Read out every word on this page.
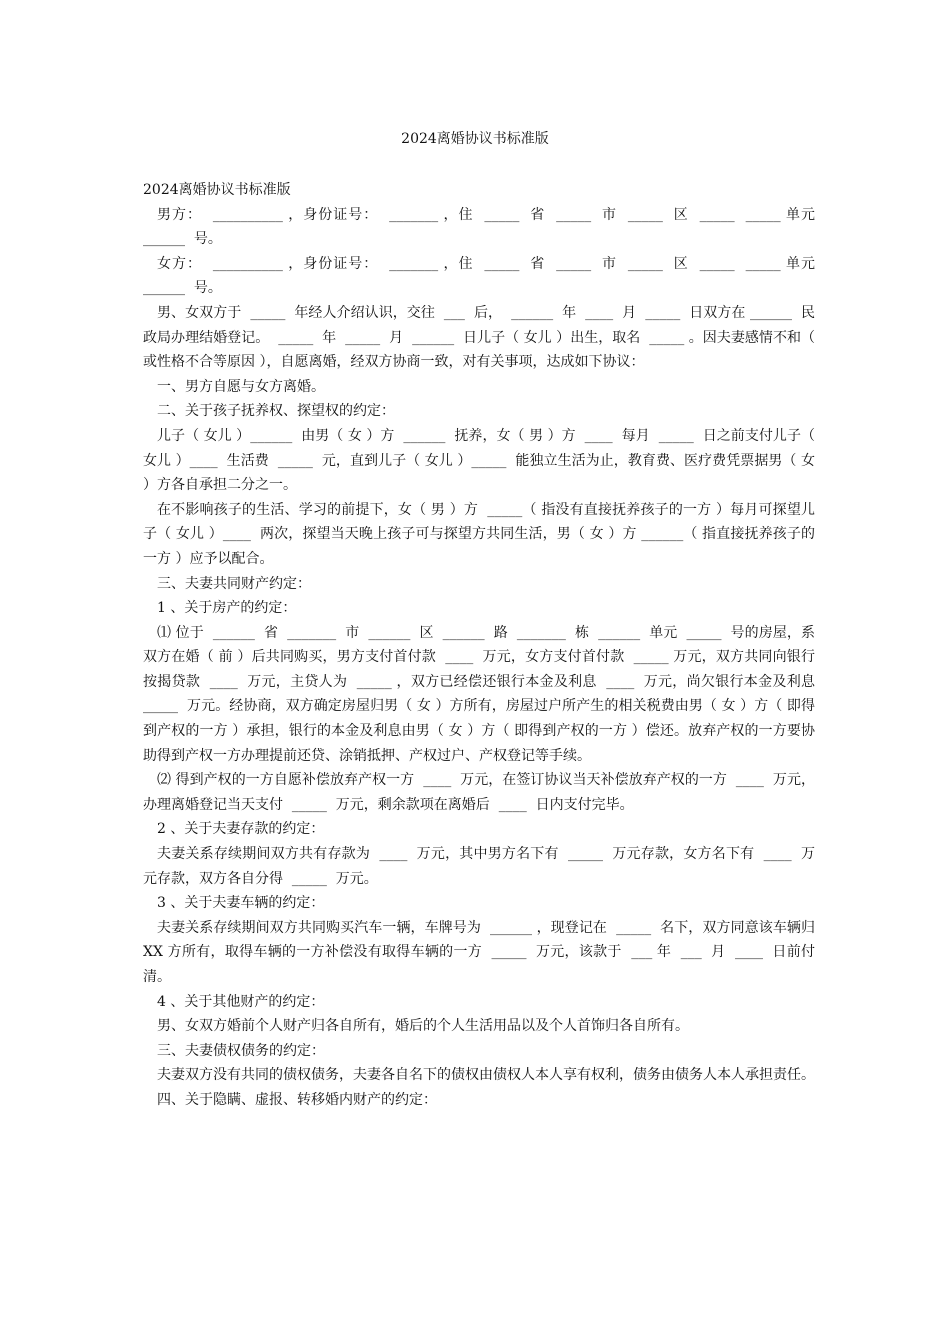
2024离婚协议书标准版

2024离婚协议书标准版

男方：  __________ ，身份证号：  _______ ，住  _____  省  _____  市  _____  区  _____  _____ 单元  ______  号。

女方：  __________ ，身份证号：  _______ ，住  _____  省  _____  市  _____  区  _____  _____ 单元  ______  号。

男、女双方于  _____  年经人介绍认识，交往  ___  后，  ______  年  ____  月  _____  日双方在 ______  民政局办理结婚登记。  _____  年  _____  月  ______  日儿子（ 女儿 ）出生，取名  _____ 。因夫妻感情不和（ 或性格不合等原因 ），自愿离婚，经双方协商一致，对有关事项，达成如下协议：

一、男方自愿与女方离婚。

二、关于孩子抚养权、探望权的约定：

儿子（ 女儿 ）______  由男（ 女 ）方  ______  抚养，女（ 男 ）方  ____  每月  _____  日之前支付儿子（ 女儿 ）____  生活费  _____  元，直到儿子（ 女儿 ）_____  能独立生活为止，教育费、医疗费凭票据男（ 女 ）方各自承担二分之一。

在不影响孩子的生活、学习的前提下，女（ 男 ）方  _____（ 指没有直接抚养孩子的一方 ）每月可探望儿子（ 女儿 ）____  两次，探望当天晚上孩子可与探望方共同生活，男（ 女 ）方 ______（ 指直接抚养孩子的一方 ）应予以配合。

三、夫妻共同财产约定：

1 、关于房产的约定：

⑴ 位于  ______  省  _______  市  ______  区  ______  路  _______  栋  ______  单元  _____  号的房屋，系双方在婚（ 前 ）后共同购买，男方支付首付款  ____  万元，女方支付首付款  _____ 万元，双方共同向银行按揭贷款  ____  万元，主贷人为  _____ ，双方已经偿还银行本金及利息  ____  万元，尚欠银行本金及利息  _____  万元。经协商，双方确定房屋归男（ 女 ）方所有，房屋过户所产生的相关税费由男（ 女 ）方（ 即得到产权的一方 ）承担，银行的本金及利息由男（ 女 ）方（ 即得到产权的一方 ）偿还。放弃产权的一方要协助得到产权一方办理提前还贷、涂销抵押、产权过户、产权登记等手续。

⑵ 得到产权的一方自愿补偿放弃产权一方  ____  万元，在签订协议当天补偿放弃产权的一方  ____  万元，办理离婚登记当天支付  _____  万元，剩余款项在离婚后  ____  日内支付完毕。

2 、关于夫妻存款的约定：

夫妻关系存续期间双方共有存款为  ____  万元，其中男方名下有  _____  万元存款，女方名下有  ____  万元存款，双方各自分得  _____  万元。

3 、关于夫妻车辆的约定：

夫妻关系存续期间双方共同购买汽车一辆，车牌号为  ______ ，现登记在  _____  名下，双方同意该车辆归 XX 方所有，取得车辆的一方补偿没有取得车辆的一方  _____  万元，该款于  ___ 年  ___  月  ____  日前付清。

4 、关于其他财产的约定：

男、女双方婚前个人财产归各自所有，婚后的个人生活用品以及个人首饰归各自所有。

三、夫妻债权债务的约定：

夫妻双方没有共同的债权债务，夫妻各自名下的债权由债权人本人享有权利，债务由债务人本人承担责任。

四、关于隐瞒、虚报、转移婚内财产的约定：
